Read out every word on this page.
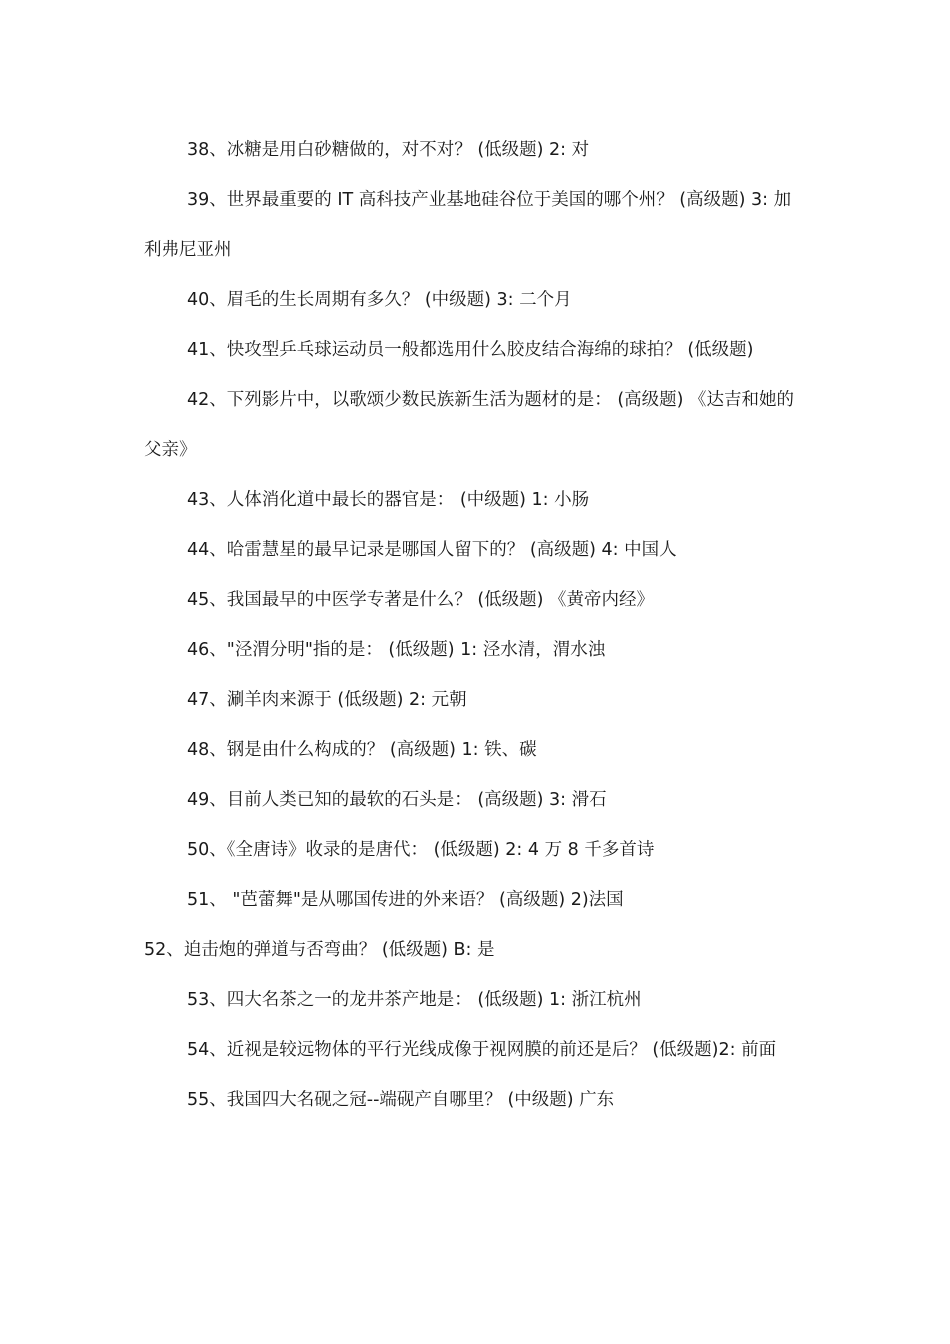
38、冰糖是用白砂糖做的，对不对？ (低级题) 2: 对

39、世界最重要的 IT 高科技产业基地硅谷位于美国的哪个州？ (高级题) 3: 加利弗尼亚州

40、眉毛的生长周期有多久？ (中级题) 3: 二个月

41、快攻型乒乓球运动员一般都选用什么胶皮结合海绵的球拍？ (低级题)

42、下列影片中，以歌颂少数民族新生活为题材的是： (高级题) 《达吉和她的父亲》

43、人体消化道中最长的器官是： (中级题) 1: 小肠

44、哈雷慧星的最早记录是哪国人留下的？ (高级题) 4: 中国人

45、我国最早的中医学专著是什么？ (低级题) 《黄帝内经》

46、"泾渭分明"指的是： (低级题) 1: 泾水清，渭水浊

47、涮羊肉来源于 (低级题) 2: 元朝

48、钢是由什么构成的？ (高级题) 1: 铁、碳

49、目前人类已知的最软的石头是： (高级题) 3: 滑石

50、《全唐诗》收录的是唐代： (低级题) 2: 4 万 8 千多首诗

51、 "芭蕾舞"是从哪国传进的外来语？ (高级题) 2)法国

52、迫击炮的弹道与否弯曲？ (低级题) B: 是

53、四大名茶之一的龙井茶产地是： (低级题) 1: 浙江杭州

54、近视是较远物体的平行光线成像于视网膜的前还是后？ (低级题)2: 前面

55、我国四大名砚之冠--端砚产自哪里？ (中级题) 广东
